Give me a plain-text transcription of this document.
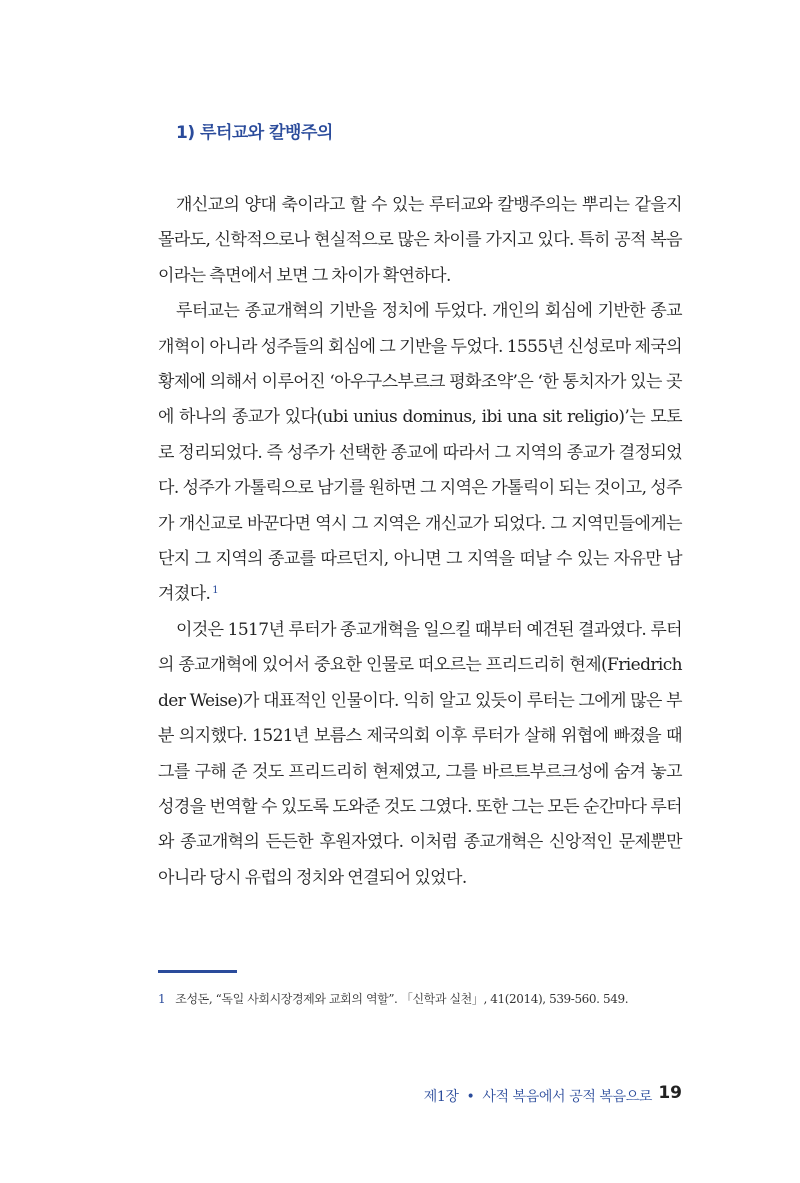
1) 루터교와 칼뱅주의

개신교의 양대 축이라고 할 수 있는 루터교와 칼뱅주의는 뿌리는 같을지 몰라도, 신학적으로나 현실적으로 많은 차이를 가지고 있다. 특히 공적 복음이라는 측면에서 보면 그 차이가 확연하다.

루터교는 종교개혁의 기반을 정치에 두었다. 개인의 회심에 기반한 종교개혁이 아니라 성주들의 회심에 그 기반을 두었다. 1555년 신성로마 제국의 황제에 의해서 이루어진 ‘아우구스부르크 평화조약’은 ‘한 통치자가 있는 곳에 하나의 종교가 있다(ubi unius dominus, ibi una sit religio)’는 모토로 정리되었다. 즉 성주가 선택한 종교에 따라서 그 지역의 종교가 결정되었다. 성주가 가톨릭으로 남기를 원하면 그 지역은 가톨릭이 되는 것이고, 성주가 개신교로 바꾼다면 역시 그 지역은 개신교가 되었다. 그 지역민들에게는 단지 그 지역의 종교를 따르던지, 아니면 그 지역을 떠날 수 있는 자유만 남겨졌다. $^1$

이것은 1517년 루터가 종교개혁을 일으킬 때부터 예견된 결과였다. 루터의 종교개혁에 있어서 중요한 인물로 떠오르는 프리드리히 현제(Friedrich der Weise)가 대표적인 인물이다. 익히 알고 있듯이 루터는 그에게 많은 부분 의지했다. 1521년 보름스 제국의회 이후 루터가 살해 위협에 빠졌을 때 그를 구해 준 것도 프리드리히 현제였고, 그를 바르트부르크성에 숨겨 놓고 성경을 번역할 수 있도록 도와준 것도 그였다. 또한 그는 모든 순간마다 루터와 종교개혁의 든든한 후원자였다. 이처럼 종교개혁은 신앙적인 문제뿐만 아니라 당시 유럽의 정치와 연결되어 있었다.

1 조성돈, “독일 사회시장경제와 교회의 역할”. 「신학과 실천」, 41(2014), 539-560. 549.
제1장 • 사적 복음에서 공적 복음으로 19
